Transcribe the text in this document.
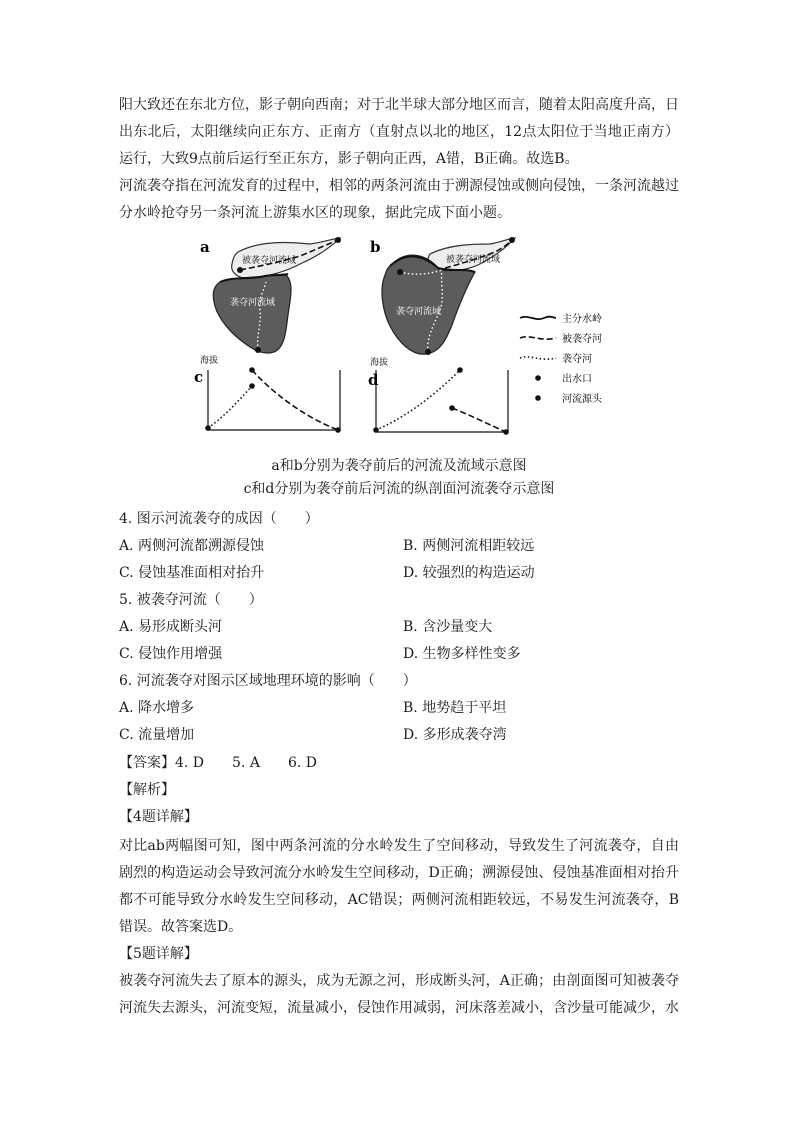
阳大致还在东北方位，影子朝向西南；对于北半球大部分地区而言，随着太阳高度升高，日出东北后，太阳继续向正东方、正南方（直射点以北的地区，12点太阳位于当地正南方）运行，大致9点前后运行至正东方，影子朝向正西，A错，B正确。故选B。

河流袭夺指在河流发育的过程中，相邻的两条河流由于溯源侵蚀或侧向侵蚀，一条河流越过分水岭抢夺另一条河流上游集水区的现象，据此完成下面小题。

a
被袭夺河流域
袭夺河流域
b
被袭夺河流域
袭夺河流域
海拔
c
海拔
d
主分水岭
被袭夺河
袭夺河
出水口
河流源头
a和b分别为袭夺前后的河流及流域示意图
c和d分别为袭夺前后河流的纵剖面河流袭夺示意图
4. 图示河流袭夺的成因（　　）
A. 两侧河流都溯源侵蚀	B. 两侧河流相距较远
C. 侵蚀基准面相对抬升	D. 较强烈的构造运动
5. 被袭夺河流（　　）
A. 易形成断头河	B. 含沙量变大
C. 侵蚀作用增强	D. 生物多样性变多
6. 河流袭夺对图示区域地理环境的影响（　　）
A. 降水增多	B. 地势趋于平坦
C. 流量增加	D. 多形成袭夺湾
【答案】4. D　　5. A　　6. D
【解析】
【4题详解】

对比ab两幅图可知，图中两条河流的分水岭发生了空间移动，导致发生了河流袭夺，自由剧烈的构造运动会导致河流分水岭发生空间移动，D正确；溯源侵蚀、侵蚀基准面相对抬升都不可能导致分水岭发生空间移动，AC错误；两侧河流相距较远，不易发生河流袭夺，B错误。故答案选D。

【5题详解】

被袭夺河流失去了原本的源头，成为无源之河，形成断头河，A正确；由剖面图可知被袭夺河流失去源头，河流变短，流量减小，侵蚀作用减弱，河床落差减小，含沙量可能减少，水
